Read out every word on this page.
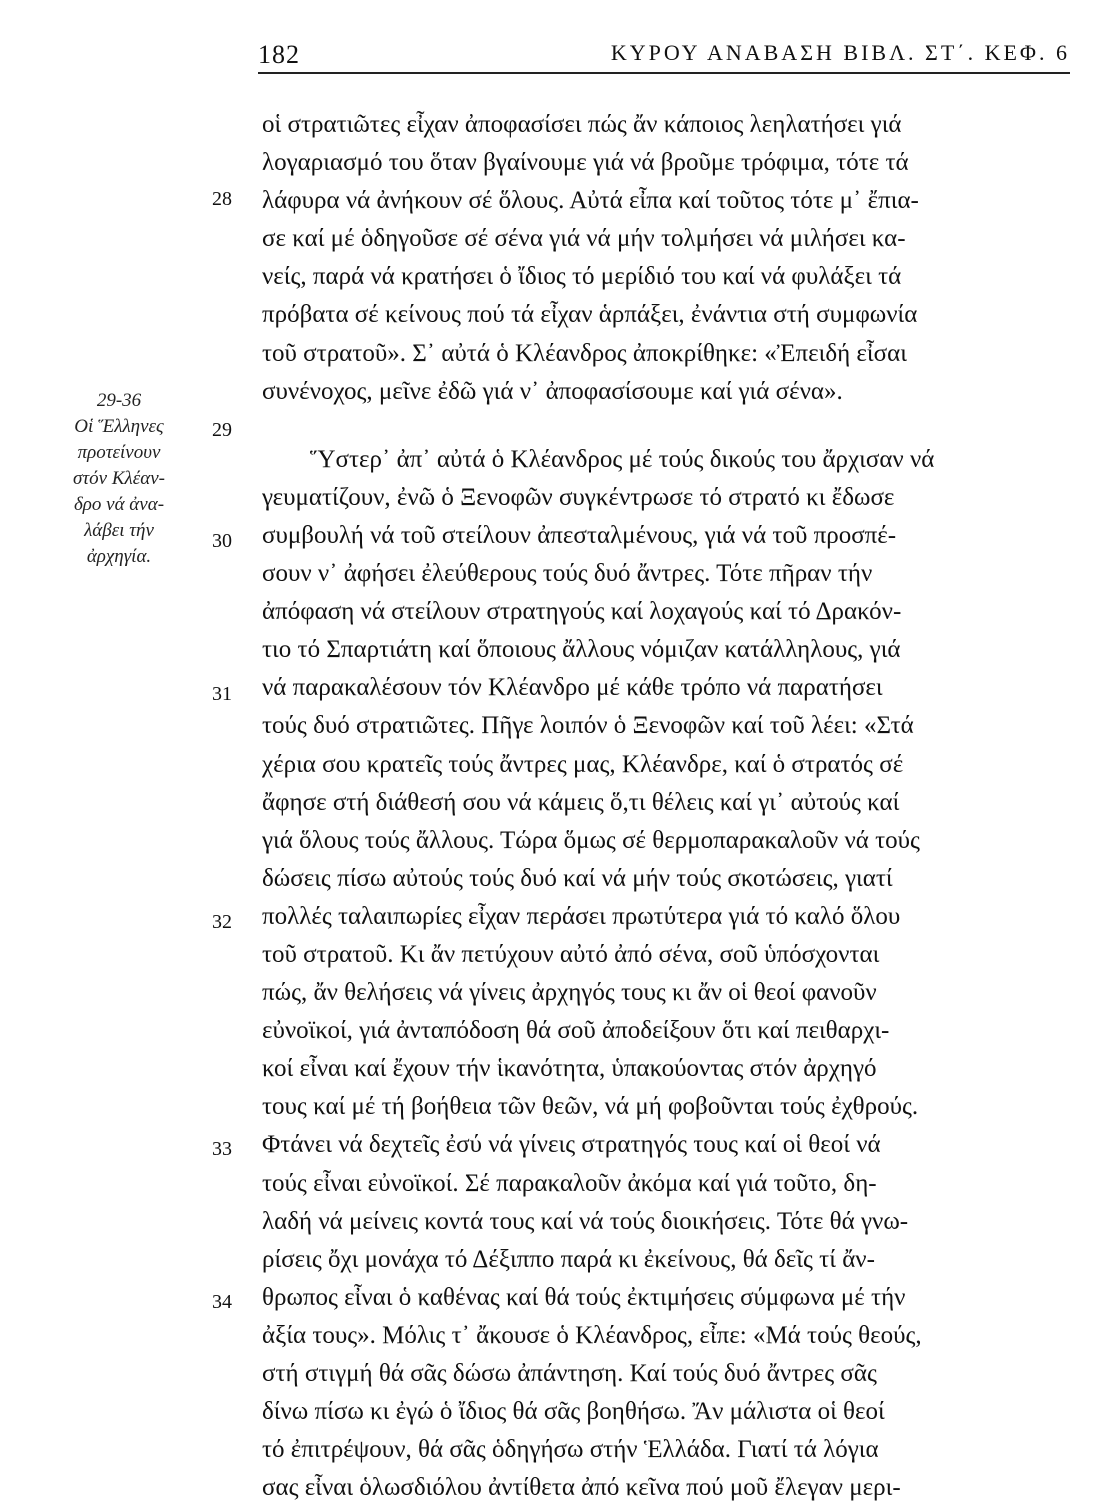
182	ΚΥΡΟΥ ΑΝΑΒΑΣΗ ΒΙΒΛ. ΣΤ΄. ΚΕΦ. 6
29-36
Οἱ Ἕλληνες
προτείνουν
στόν Κλέαν-
δρο νά ἀνα-
λάβει τήν
ἀρχηγία.
28
29
30
31
32
33
34
οἱ στρατιῶτες εἶχαν ἀποφασίσει πώς ἄν κάποιος λεηλατήσει γιά
λογαριασμό του ὅταν βγαίνουμε γιά νά βροῦμε τρόφιμα, τότε τά
λάφυρα νά ἀνήκουν σέ ὅλους. Αὐτά εἶπα καί τοῦτος τότε μ᾽ ἔπια-
σε καί μέ ὁδηγοῦσε σέ σένα γιά νά μήν τολμήσει νά μιλήσει κα-
νείς, παρά νά κρατήσει ὁ ἴδιος τό μερίδιό του καί νά φυλάξει τά
πρόβατα σέ κείνους πού τά εἶχαν ἁρπάξει, ἐνάντια στή συμφωνία
τοῦ στρατοῦ». Σ᾽ αὐτά ὁ Κλέανδρος ἀποκρίθηκε: «Ἐπειδή εἶσαι
συνένοχος, μεῖνε ἐδῶ γιά ν᾽ ἀποφασίσουμε καί γιά σένα».
Ὕστερ᾽ ἀπ᾽ αὐτά ὁ Κλέανδρος μέ τούς δικούς του ἄρχισαν νά
γευματίζουν, ἐνῶ ὁ Ξενοφῶν συγκέντρωσε τό στρατό κι ἔδωσε
συμβουλή νά τοῦ στείλουν ἀπεσταλμένους, γιά νά τοῦ προσπέ-
σουν ν᾽ ἀφήσει ἐλεύθερους τούς δυό ἄντρες. Τότε πῆραν τήν
ἀπόφαση νά στείλουν στρατηγούς καί λοχαγούς καί τό Δρακόν-
τιο τό Σπαρτιάτη καί ὅποιους ἄλλους νόμιζαν κατάλληλους, γιά
νά παρακαλέσουν τόν Κλέανδρο μέ κάθε τρόπο νά παρατήσει
τούς δυό στρατιῶτες. Πῆγε λοιπόν ὁ Ξενοφῶν καί τοῦ λέει: «Στά
χέρια σου κρατεῖς τούς ἄντρες μας, Κλέανδρε, καί ὁ στρατός σέ
ἄφησε στή διάθεσή σου νά κάμεις ὅ,τι θέλεις καί γι᾽ αὐτούς καί
γιά ὅλους τούς ἄλλους. Τώρα ὅμως σέ θερμοπαρακαλοῦν νά τούς
δώσεις πίσω αὐτούς τούς δυό καί νά μήν τούς σκοτώσεις, γιατί
πολλές ταλαιπωρίες εἶχαν περάσει πρωτύτερα γιά τό καλό ὅλου
τοῦ στρατοῦ. Κι ἄν πετύχουν αὐτό ἀπό σένα, σοῦ ὑπόσχονται
πώς, ἄν θελήσεις νά γίνεις ἀρχηγός τους κι ἄν οἱ θεοί φανοῦν
εὐνοϊκοί, γιά ἀνταπόδοση θά σοῦ ἀποδείξουν ὅτι καί πειθαρχι-
κοί εἶναι καί ἔχουν τήν ἱκανότητα, ὑπακούοντας στόν ἀρχηγό
τους καί μέ τή βοήθεια τῶν θεῶν, νά μή φοβοῦνται τούς ἐχθρούς.
Φτάνει νά δεχτεῖς ἐσύ νά γίνεις στρατηγός τους καί οἱ θεοί νά
τούς εἶναι εὐνοϊκοί. Σέ παρακαλοῦν ἀκόμα καί γιά τοῦτο, δη-
λαδή νά μείνεις κοντά τους καί νά τούς διοικήσεις. Τότε θά γνω-
ρίσεις ὄχι μονάχα τό Δέξιππο παρά κι ἐκείνους, θά δεῖς τί ἄν-
θρωπος εἶναι ὁ καθένας καί θά τούς ἐκτιμήσεις σύμφωνα μέ τήν
ἀξία τους». Μόλις τ᾽ ἄκουσε ὁ Κλέανδρος, εἶπε: «Μά τούς θεούς,
στή στιγμή θά σᾶς δώσω ἀπάντηση. Καί τούς δυό ἄντρες σᾶς
δίνω πίσω κι ἐγώ ὁ ἴδιος θά σᾶς βοηθήσω. Ἄν μάλιστα οἱ θεοί
τό ἐπιτρέψουν, θά σᾶς ὁδηγήσω στήν Ἑλλάδα. Γιατί τά λόγια
σας εἶναι ὁλωσδιόλου ἀντίθετα ἀπό κεῖνα πού μοῦ ἔλεγαν μερι-
